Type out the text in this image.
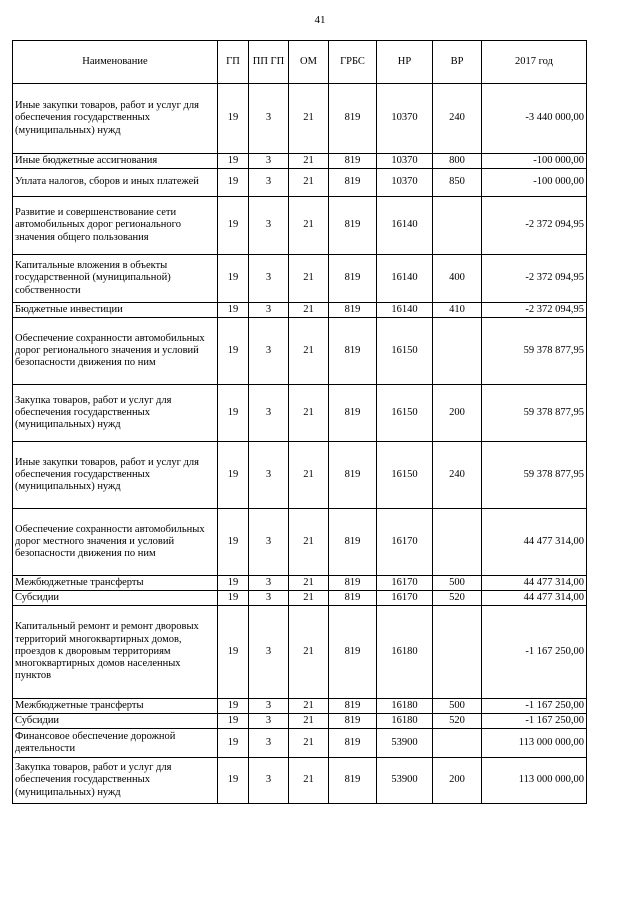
41
Наименование	ГП	ПП ГП	ОМ	ГРБС	НР	ВР	2017 год
Иные закупки товаров, работ и услуг для обеспечения государственных (муниципальных) нужд	19	3	21	819	10370	240	-3 440 000,00
Иные бюджетные ассигнования	19	3	21	819	10370	800	-100 000,00
Уплата налогов, сборов и иных платежей	19	3	21	819	10370	850	-100 000,00
Развитие и совершенствование сети автомобильных дорог регионального значения общего пользования	19	3	21	819	16140		-2 372 094,95
Капитальные вложения в объекты государственной (муниципальной) собственности	19	3	21	819	16140	400	-2 372 094,95
Бюджетные инвестиции	19	3	21	819	16140	410	-2 372 094,95
Обеспечение сохранности автомобильных дорог регионального значения и условий безопасности движения по ним	19	3	21	819	16150		59 378 877,95
Закупка товаров, работ и услуг для обеспечения государственных (муниципальных) нужд	19	3	21	819	16150	200	59 378 877,95
Иные закупки товаров, работ и услуг для обеспечения государственных (муниципальных) нужд	19	3	21	819	16150	240	59 378 877,95
Обеспечение сохранности автомобильных дорог местного значения и условий безопасности движения по ним	19	3	21	819	16170		44 477 314,00
Межбюджетные трансферты	19	3	21	819	16170	500	44 477 314,00
Субсидии	19	3	21	819	16170	520	44 477 314,00
Капитальный ремонт и ремонт дворовых территорий многоквартирных домов, проездов к дворовым территориям многоквартирных домов населенных пунктов	19	3	21	819	16180		-1 167 250,00
Межбюджетные трансферты	19	3	21	819	16180	500	-1 167 250,00
Субсидии	19	3	21	819	16180	520	-1 167 250,00
Финансовое обеспечение дорожной деятельности	19	3	21	819	53900		113 000 000,00
Закупка товаров, работ и услуг для обеспечения государственных (муниципальных) нужд	19	3	21	819	53900	200	113 000 000,00
